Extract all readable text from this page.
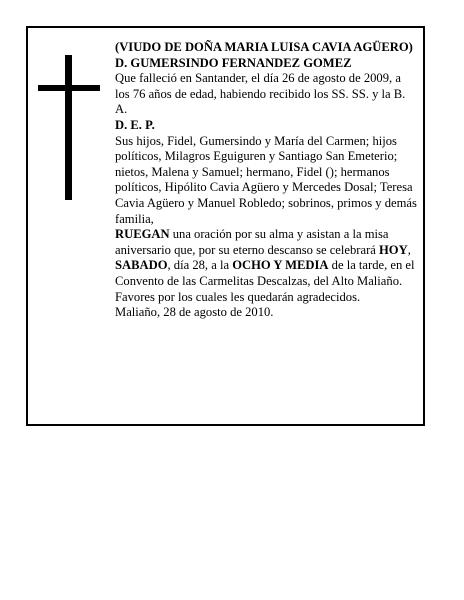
(VIUDO DE DOÑA MARIA LUISA CAVIA AGÜERO)

D. GUMERSINDO FERNANDEZ GOMEZ

Que falleció en Santander, el día 26 de agosto de 2009, a los 76 años de edad, habiendo recibido los SS. SS. y la B. A.

D. E. P.

Sus hijos, Fidel, Gumersindo y María del Carmen; hijos políticos, Milagros Eguiguren y Santiago San Emeterio; nietos, Malena y Samuel; hermano, Fidel (); hermanos políticos, Hipólito Cavia Agüero y Mercedes Dosal; Teresa Cavia Agüero y Manuel Robledo; sobrinos, primos y demás familia,

RUEGAN una oración por su alma y asistan a la misa aniversario que, por su eterno descanso se celebrará HOY, SABADO, día 28, a la OCHO Y MEDIA de la tarde, en el Convento de las Carmelitas Descalzas, del Alto Maliaño. Favores por los cuales les quedarán agradecidos.

Maliaño, 28 de agosto de 2010.
